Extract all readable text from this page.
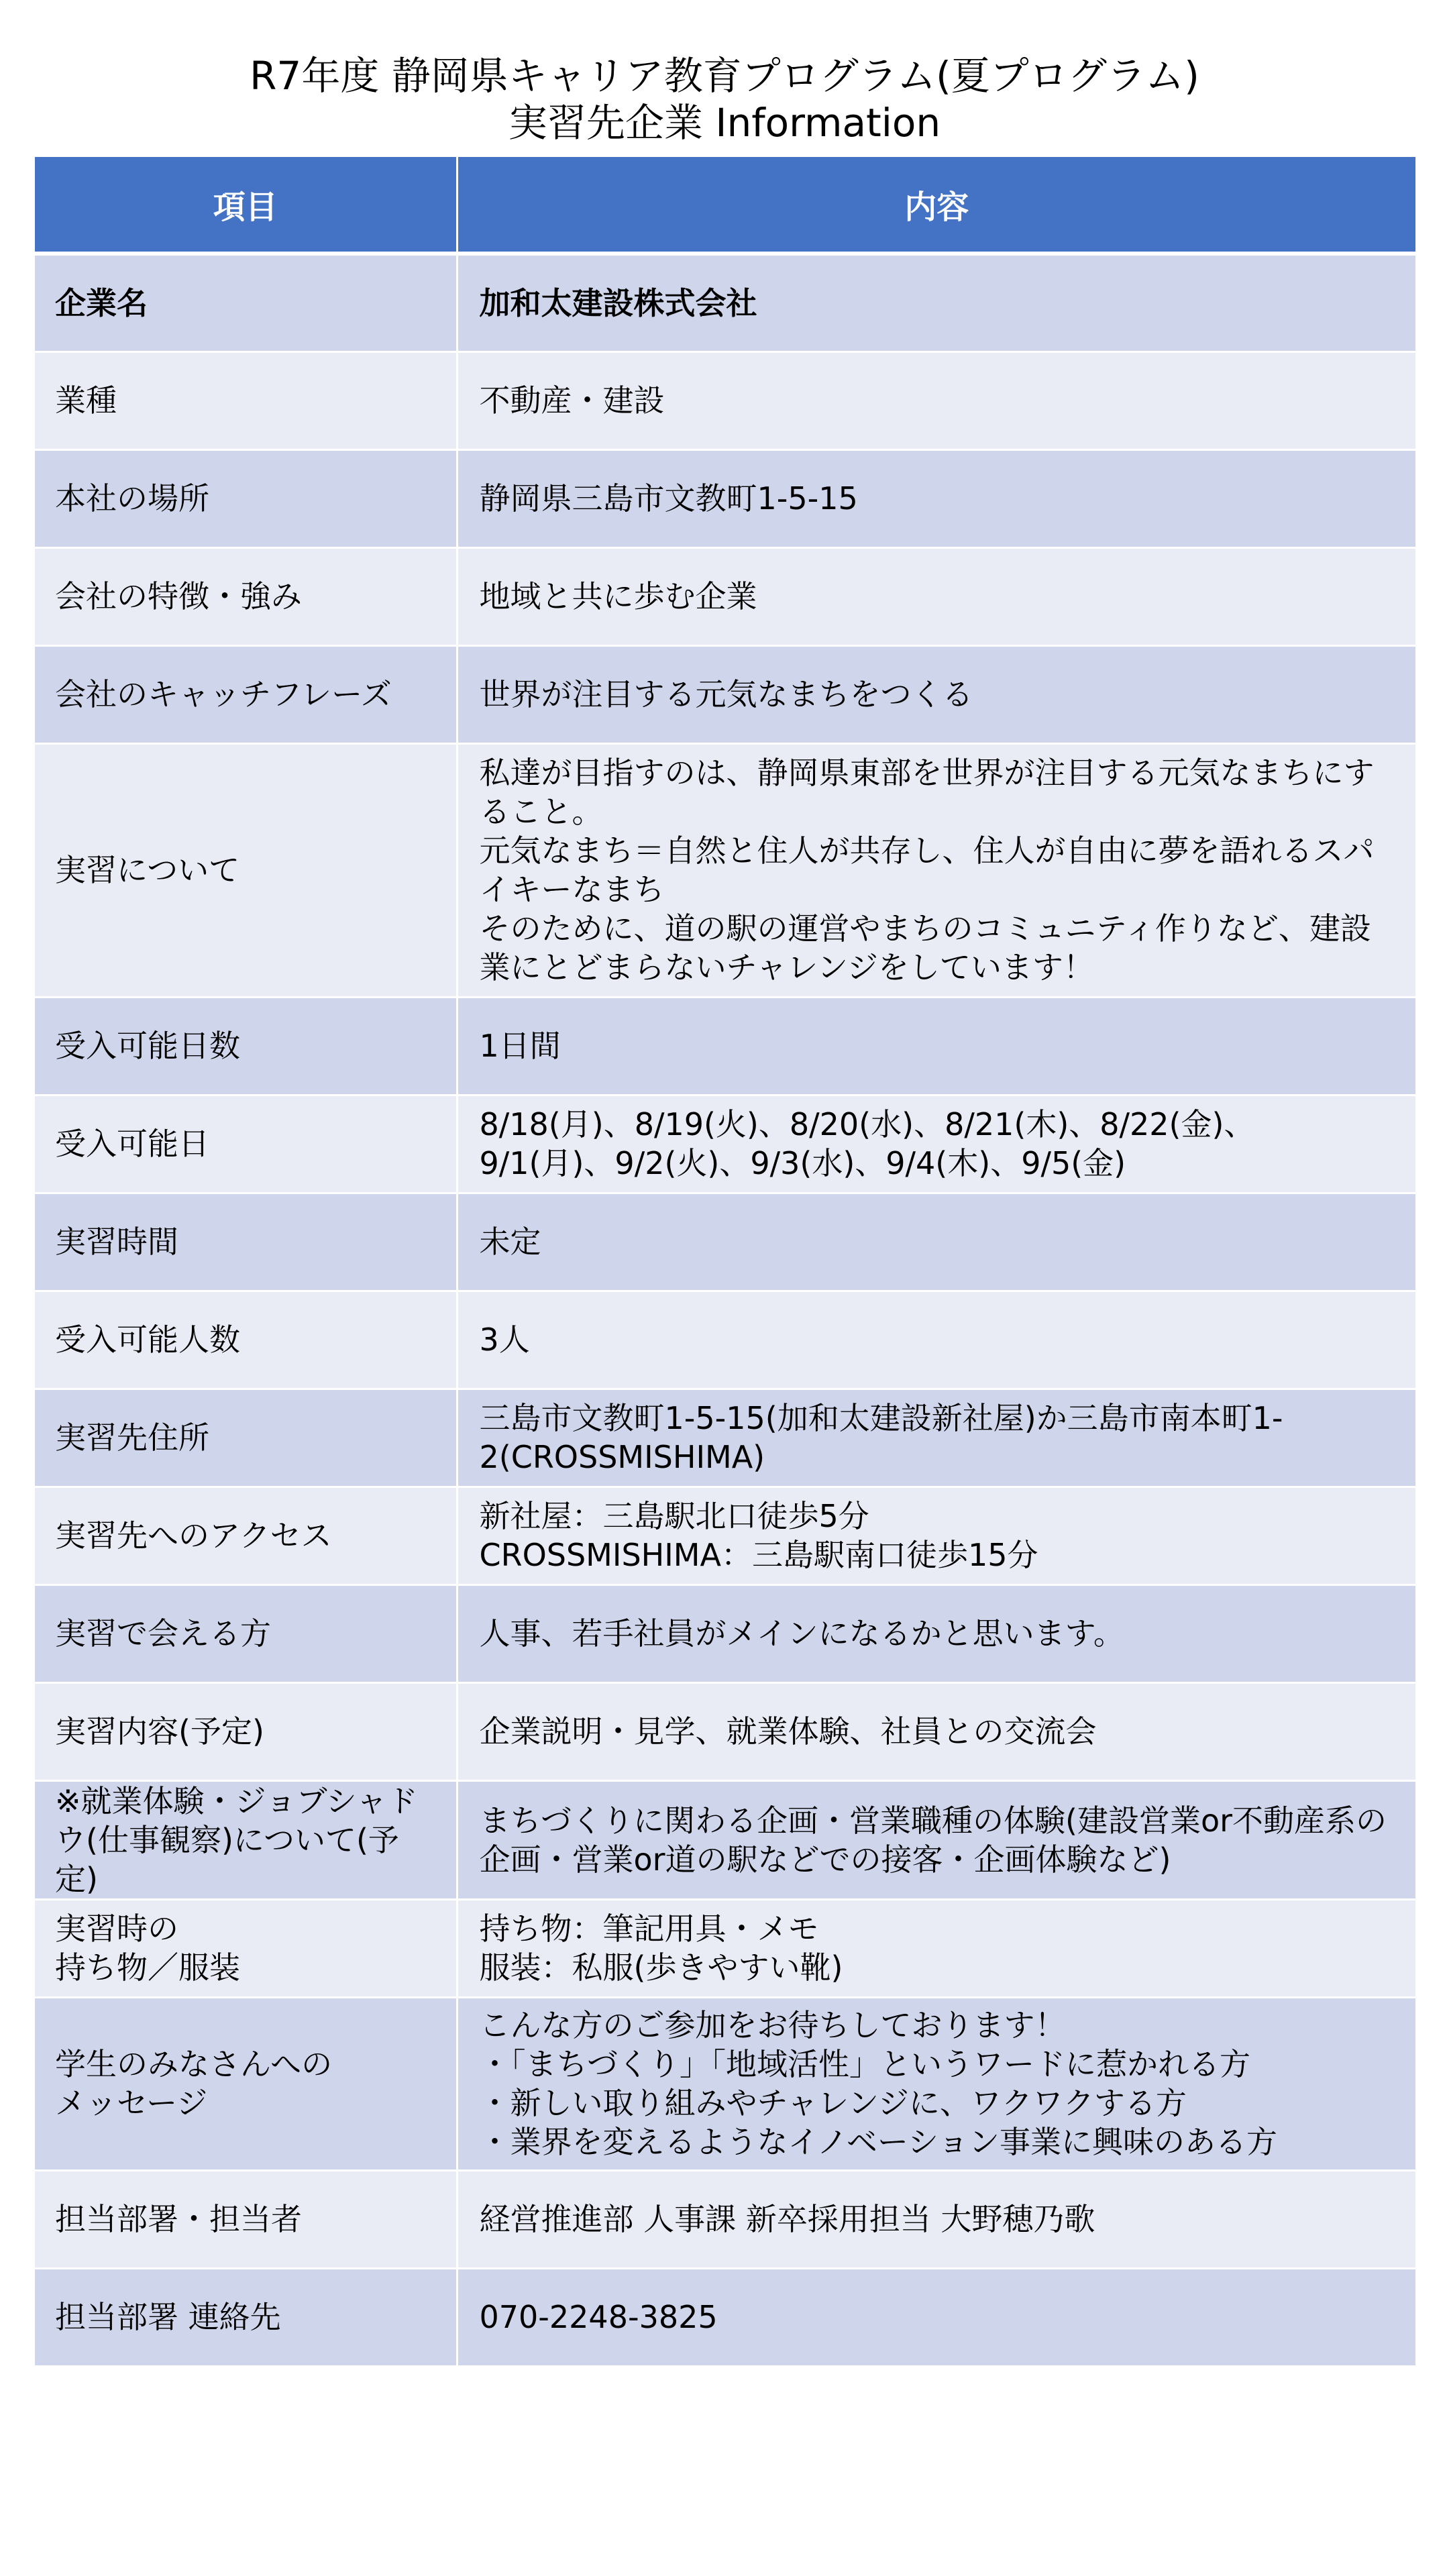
R7年度 静岡県キャリア教育プログラム(夏プログラム)
実習先企業 Information
項目	内容
企業名	加和太建設株式会社

業種	不動産・建設

本社の場所	静岡県三島市文教町1-5-15

会社の特徴・強み	地域と共に歩む企業

会社のキャッチフレーズ	世界が注目する元気なまちをつくる

実習について	私達が目指すのは、静岡県東部を世界が注目する元気なまちにすること。
元気なまち＝自然と住人が共存し、住人が自由に夢を語れるスパイキーなまち
そのために、道の駅の運営やまちのコミュニティ作りなど、建設業にとどまらないチャレンジをしています！

受入可能日数	1日間

受入可能日	8/18(月)、8/19(火)、8/20(水)、8/21(木)、8/22(金)、
9/1(月)、9/2(火)、9/3(水)、9/4(木)、9/5(金)

実習時間	未定

受入可能人数	3人

実習先住所	三島市文教町1-5-15(加和太建設新社屋)か三島市南本町1-2(CROSSMISHIMA)

実習先へのアクセス	新社屋：三島駅北口徒歩5分
CROSSMISHIMA：三島駅南口徒歩15分

実習で会える方	人事、若手社員がメインになるかと思います。

実習内容(予定)	企業説明・見学、就業体験、社員との交流会

※就業体験・ジョブシャドウ(仕事観察)について(予定)	まちづくりに関わる企画・営業職種の体験(建設営業or不動産系の企画・営業or道の駅などでの接客・企画体験など)

実習時の
持ち物／服装	持ち物：筆記用具・メモ
服装：私服(歩きやすい靴)

学生のみなさんへの
メッセージ	こんな方のご参加をお待ちしております！
・「まちづくり」「地域活性」というワードに惹かれる方
・新しい取り組みやチャレンジに、ワクワクする方
・業界を変えるようなイノベーション事業に興味のある方

担当部署・担当者	経営推進部 人事課 新卒採用担当 大野穂乃歌

担当部署 連絡先	070-2248-3825
